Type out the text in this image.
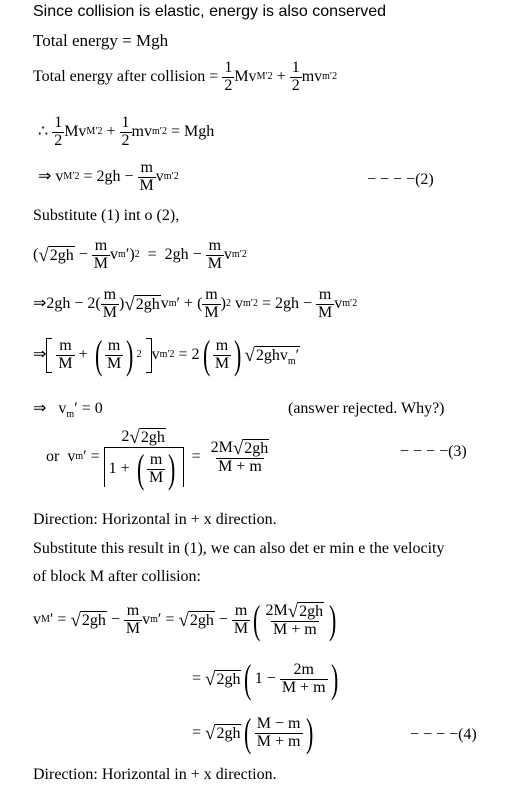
Since collision is elastic, energy is also conserved
Total energy = Mgh
Total energy after collision =
$\frac{1}{2}$ Mv M $'2 + \frac{1}{2}$ mv m ′2
∴ $\frac{1}{2}$ Mv M $'2 + \frac{1}{2}$ mv m ′2
= Mgh
⇒ v M ′2
= 2gh −
$\frac{m}{M}$ v m ′2	− − − −(2)
Substitute (1) int o (2),
( √ $2gh - \frac{m}{M}$ v m ′) $2 = 2gh - \frac{m}{M}$ v m ′2
⇒2gh − $2( \frac{m}{M}$ ) √ 2gh v m ′ + ( $\frac{m}{M}$ ) 2 v m $'2 = 2gh - \frac{m}{M}$ v m ′2
⇒
$\frac{m}{M}$ + ( $\frac{m}{M}$ ) 2
v m ′2 = 2 ( $\frac{m}{M}$ ) √ 2ghv$_m$′
⇒   $v_m' = 0$	(answer rejected. Why?)
or v m ′ = $\frac{2 √ 2gh}{1 + ( \frac{m}{M} )} = \frac{2M √ 2gh}{M + m}$	− − − −(3)
Direction: Horizontal in + x direction.
Substitute this result in (1), we can also det er min e the velocity
of block M after collision:
v M ′ = √ $2gh - \frac{m}{M}$ v m ′ = √ $2gh - \frac{m}{M}$ ( $\frac{2M √ 2gh}{M + m}$ )
= √ 2gh ( $1 - \frac{2m}{M + m}$ )
= √ 2gh ( $\frac{M - m}{M + m}$ )	− − − −(4)
Direction: Horizontal in + x direction.
